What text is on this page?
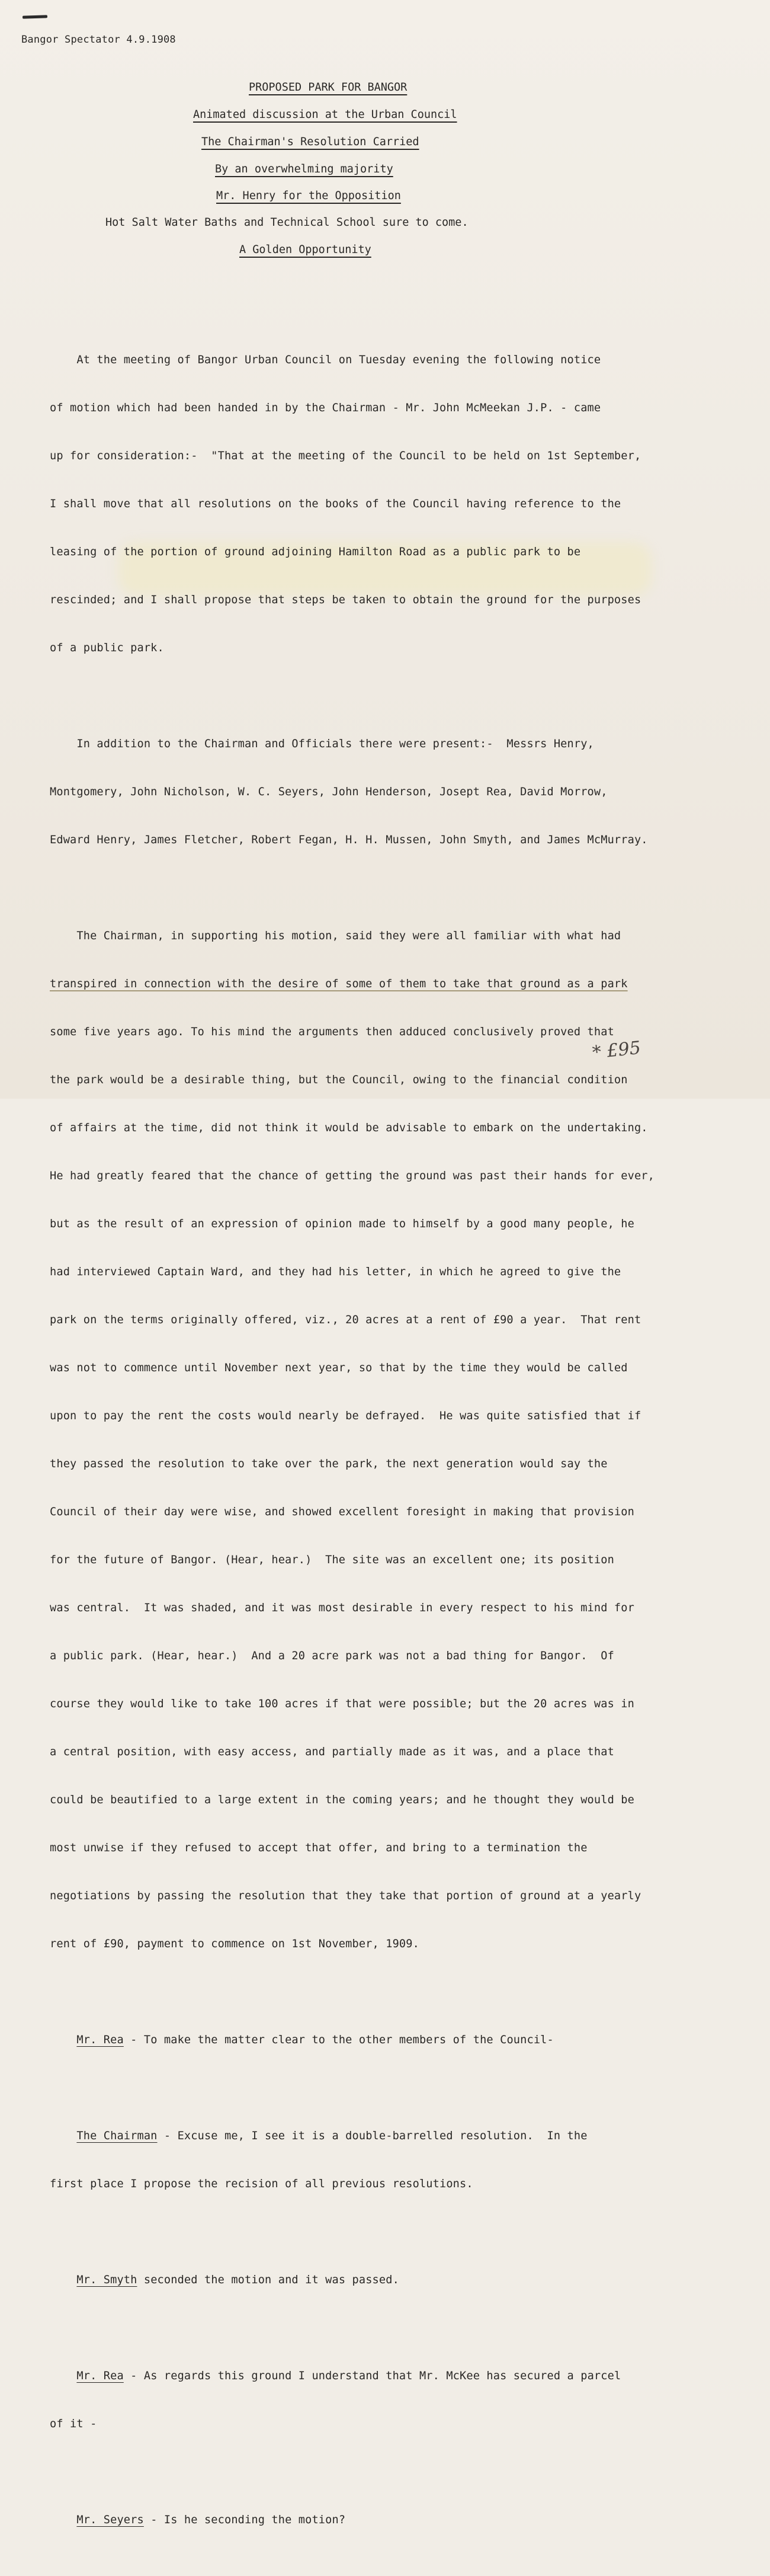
Bangor Spectator 4.9.1908
PROPOSED PARK FOR BANGOR
Animated discussion at the Urban Council
The Chairman's Resolution Carried
By an overwhelming majority
Mr. Henry for the Opposition
Hot Salt Water Baths and Technical School sure to come.
A Golden Opportunity

At the meeting of Bangor Urban Council on Tuesday evening the following notice

of motion which had been handed in by the Chairman - Mr. John McMeekan J.P. - came

up for consideration:-  "That at the meeting of the Council to be held on 1st September,

I shall move that all resolutions on the books of the Council having reference to the

leasing of the portion of ground adjoining Hamilton Road as a public park to be

rescinded; and I shall propose that steps be taken to obtain the ground for the purposes

of a public park.

In addition to the Chairman and Officials there were present:-  Messrs Henry,

Montgomery, John Nicholson, W. C. Seyers, John Henderson, Josept Rea, David Morrow,

Edward Henry, James Fletcher, Robert Fegan, H. H. Mussen, John Smyth, and James McMurray.

The Chairman, in supporting his motion, said they were all familiar with what had

transpired in connection with the desire of some of them to take that ground as a park

some five years ago. To his mind the arguments then adduced conclusively proved that

the park would be a desirable thing, but the Council, owing to the financial condition

of affairs at the time, did not think it would be advisable to embark on the undertaking.

He had greatly feared that the chance of getting the ground was past their hands for ever,

but as the result of an expression of opinion made to himself by a good many people, he

had interviewed Captain Ward, and they had his letter, in which he agreed to give the

park on the terms originally offered, viz., 20 acres at a rent of £90 a year.  That rent

was not to commence until November next year, so that by the time they would be called

upon to pay the rent the costs would nearly be defrayed.  He was quite satisfied that if

they passed the resolution to take over the park, the next generation would say the

Council of their day were wise, and showed excellent foresight in making that provision

for the future of Bangor. (Hear, hear.)  The site was an excellent one; its position

was central.  It was shaded, and it was most desirable in every respect to his mind for

a public park. (Hear, hear.)  And a 20 acre park was not a bad thing for Bangor.  Of

course they would like to take 100 acres if that were possible; but the 20 acres was in

a central position, with easy access, and partially made as it was, and a place that

could be beautified to a large extent in the coming years; and he thought they would be

most unwise if they refused to accept that offer, and bring to a termination the

negotiations by passing the resolution that they take that portion of ground at a yearly

rent of £90, payment to commence on 1st November, 1909.

Mr. Rea - To make the matter clear to the other members of the Council-

The Chairman - Excuse me, I see it is a double-barrelled resolution.  In the

first place I propose the recision of all previous resolutions.

Mr. Smyth seconded the motion and it was passed.

Mr. Rea - As regards this ground I understand that Mr. McKee has secured a parcel

of it -

Mr. Seyers - Is he seconding the motion?

* £95
